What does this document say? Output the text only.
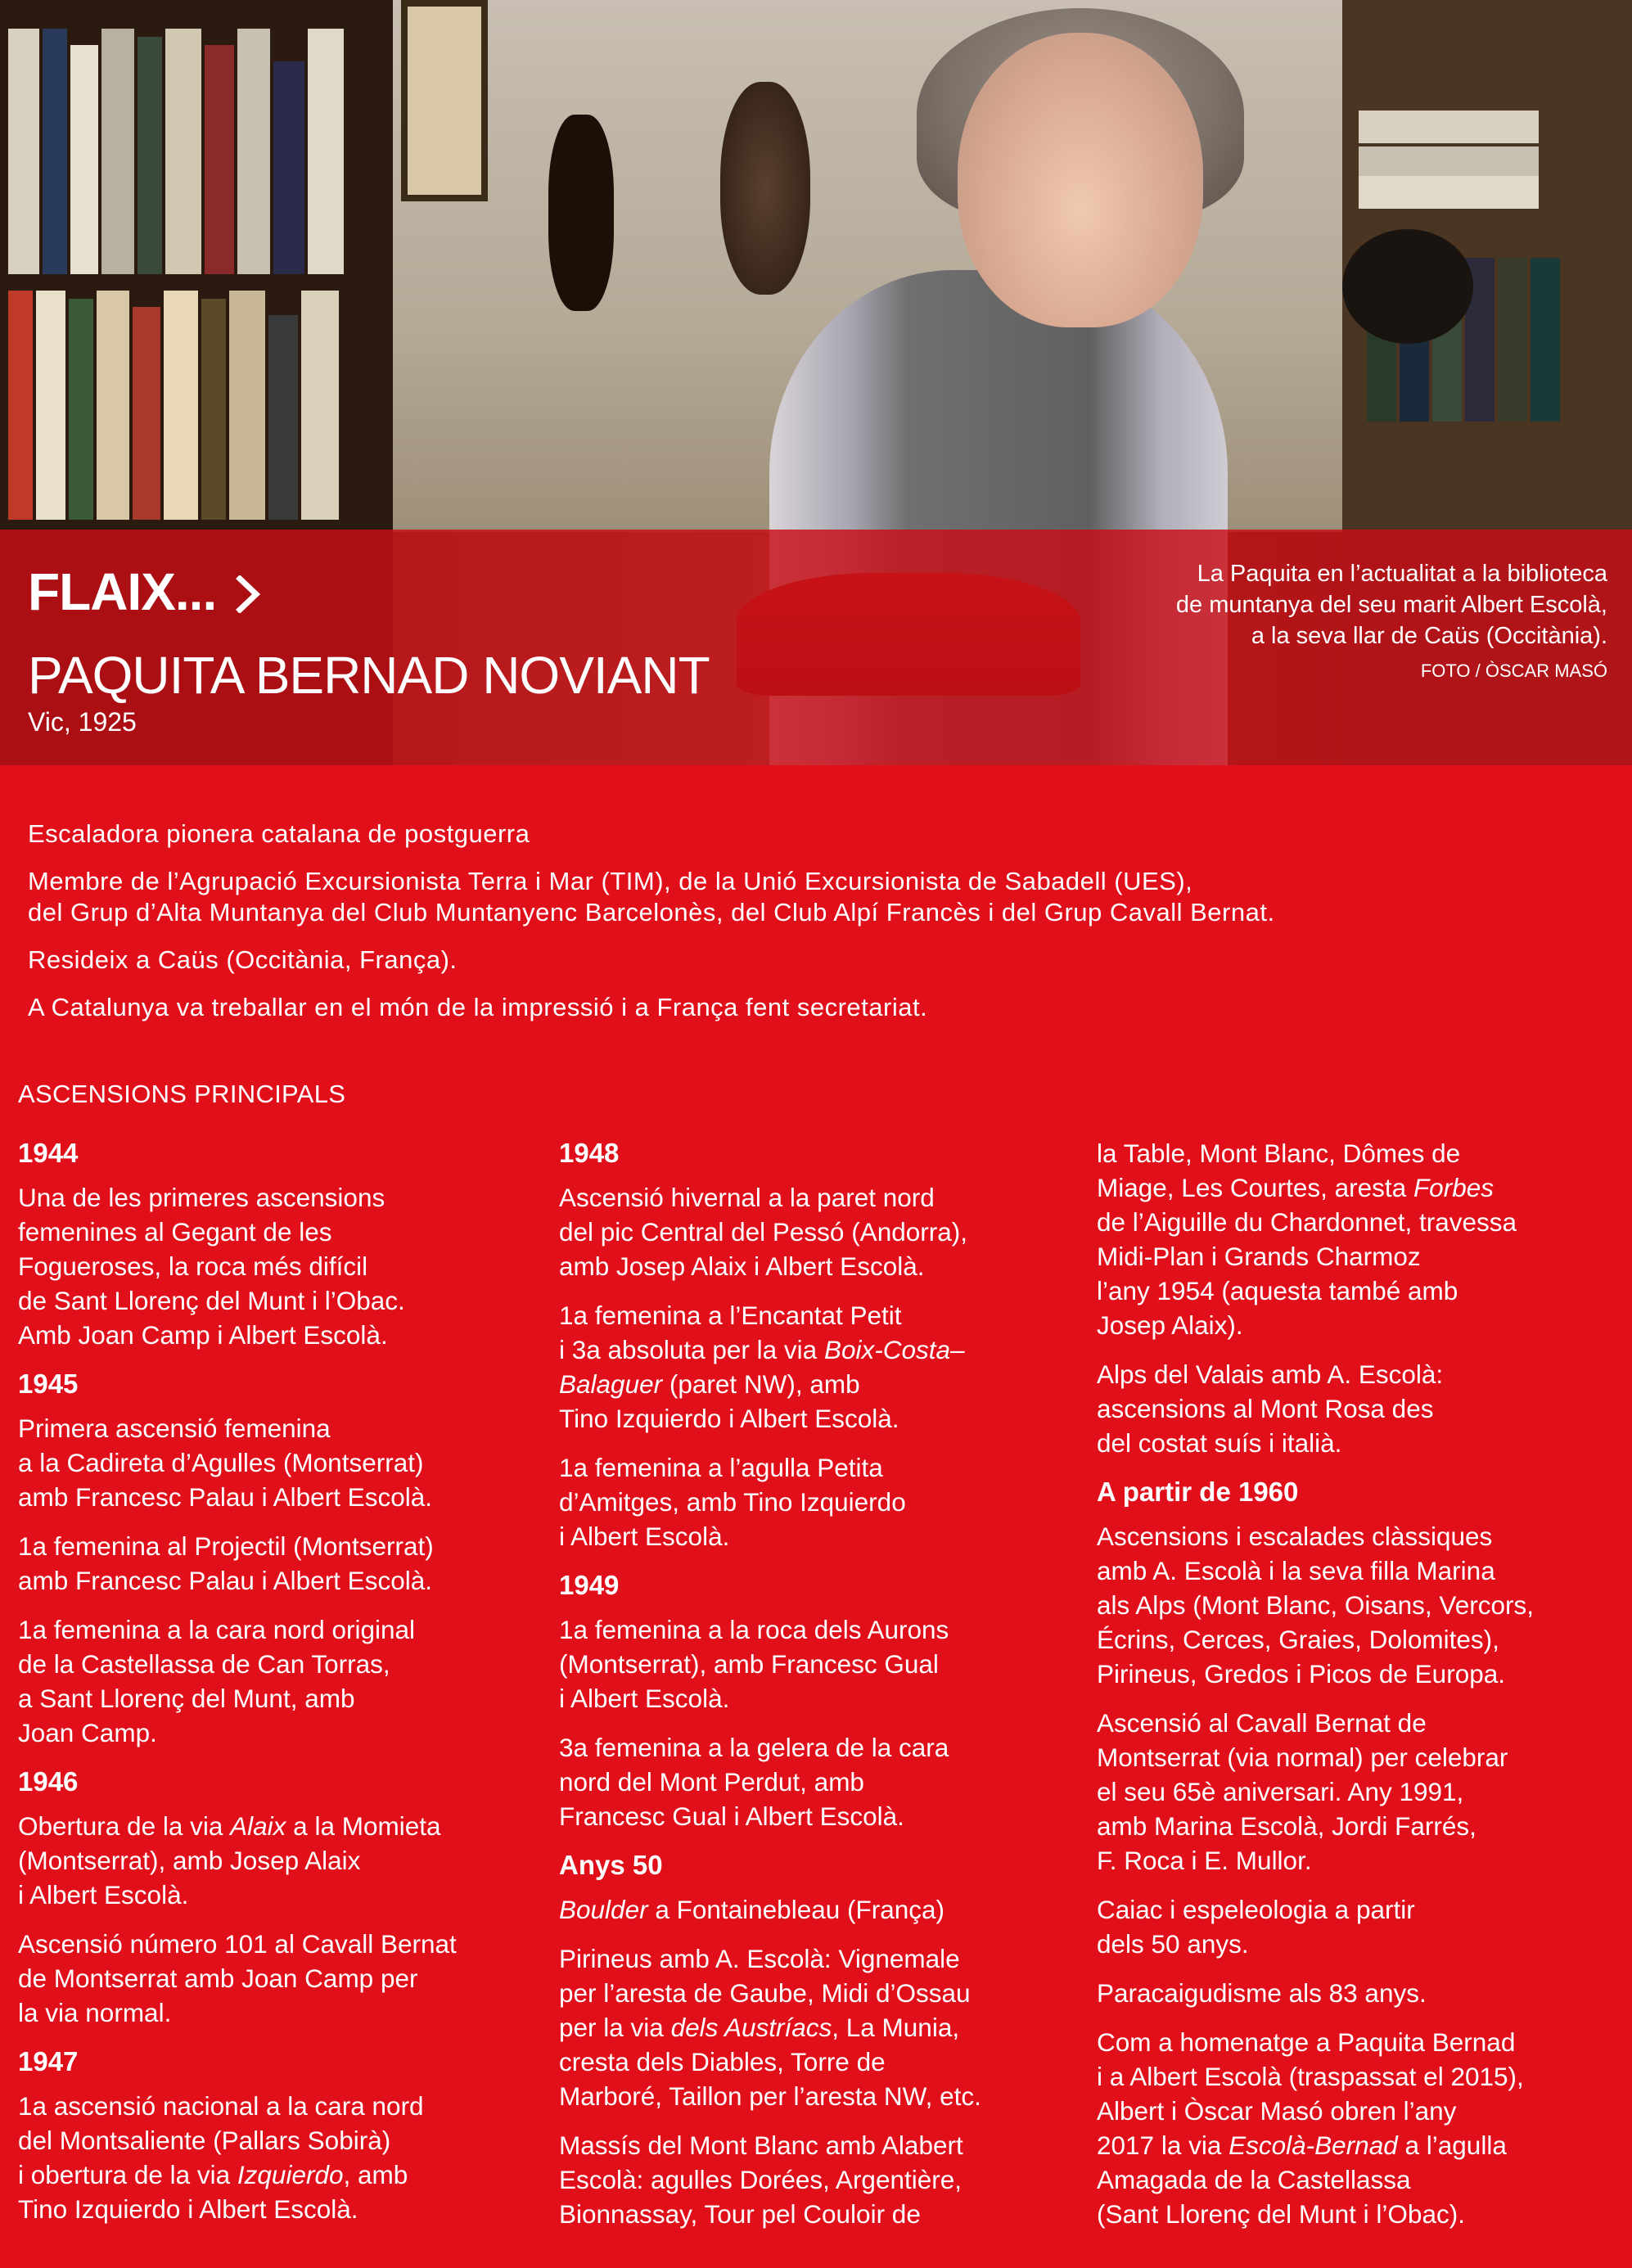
FLAIX...
PAQUITA BERNAD NOVIANT
Vic, 1925
La Paquita en l’actualitat a la biblioteca
de muntanya del seu marit Albert Escolà,
a la seva llar de Caüs (Occitània).
FOTO / ÒSCAR MASÓ

Escaladora pionera catalana de postguerra

Membre de l’Agrupació Excursionista Terra i Mar (TIM), de la Unió Excursionista de Sabadell (UES),
del Grup d’Alta Muntanya del Club Muntanyenc Barcelonès, del Club Alpí Francès i del Grup Cavall Bernat.

Resideix a Caüs (Occitània, França).

A Catalunya va treballar en el món de la impressió i a França fent secretariat.

ASCENSIONS PRINCIPALS
1944
Una de les primeres ascensions
femenines al Gegant de les
Fogueroses, la roca més difícil
de Sant Llorenç del Munt i l’Obac.
Amb Joan Camp i Albert Escolà.
1945
Primera ascensió femenina
a la Cadireta d’Agulles (Montserrat)
amb Francesc Palau i Albert Escolà.
1a femenina al Projectil (Montserrat)
amb Francesc Palau i Albert Escolà.
1a femenina a la cara nord original
de la Castellassa de Can Torras,
a Sant Llorenç del Munt, amb
Joan Camp.
1946
Obertura de la via Alaix a la Momieta
(Montserrat), amb Josep Alaix
i Albert Escolà.
Ascensió número 101 al Cavall Bernat
de Montserrat amb Joan Camp per
la via normal.
1947
1a ascensió nacional a la cara nord
del Montsaliente (Pallars Sobirà)
i obertura de la via Izquierdo, amb
Tino Izquierdo i Albert Escolà.
1948
Ascensió hivernal a la paret nord
del pic Central del Pessó (Andorra),
amb Josep Alaix i Albert Escolà.
1a femenina a l’Encantat Petit
i 3a absoluta per la via Boix-Costa–
Balaguer (paret NW), amb
Tino Izquierdo i Albert Escolà.
1a femenina a l’agulla Petita
d’Amitges, amb Tino Izquierdo
i Albert Escolà.
1949
1a femenina a la roca dels Aurons
(Montserrat), amb Francesc Gual
i Albert Escolà.
3a femenina a la gelera de la cara
nord del Mont Perdut, amb
Francesc Gual i Albert Escolà.
Anys 50
Boulder a Fontainebleau (França)
Pirineus amb A. Escolà: Vignemale
per l’aresta de Gaube, Midi d’Ossau
per la via dels Austríacs, La Munia,
cresta dels Diables, Torre de
Marboré, Taillon per l’aresta NW, etc.
Massís del Mont Blanc amb Alabert
Escolà: agulles Dorées, Argentière,
Bionnassay, Tour pel Couloir de
la Table, Mont Blanc, Dômes de
Miage, Les Courtes, aresta Forbes
de l’Aiguille du Chardonnet, travessa
Midi-Plan i Grands Charmoz
l’any 1954 (aquesta també amb
Josep Alaix).
Alps del Valais amb A. Escolà:
ascensions al Mont Rosa des
del costat suís i italià.
A partir de 1960
Ascensions i escalades clàssiques
amb A. Escolà i la seva filla Marina
als Alps (Mont Blanc, Oisans, Vercors,
Écrins, Cerces, Graies, Dolomites),
Pirineus, Gredos i Picos de Europa.
Ascensió al Cavall Bernat de
Montserrat (via normal) per celebrar
el seu 65è aniversari. Any 1991,
amb Marina Escolà, Jordi Farrés,
F. Roca i E. Mullor.
Caiac i espeleologia a partir
dels 50 anys.
Paracaigudisme als 83 anys.
Com a homenatge a Paquita Bernad
i a Albert Escolà (traspassat el 2015),
Albert i Òscar Masó obren l’any
2017 la via Escolà-Bernad a l’agulla
Amagada de la Castellassa
(Sant Llorenç del Munt i l’Obac).
